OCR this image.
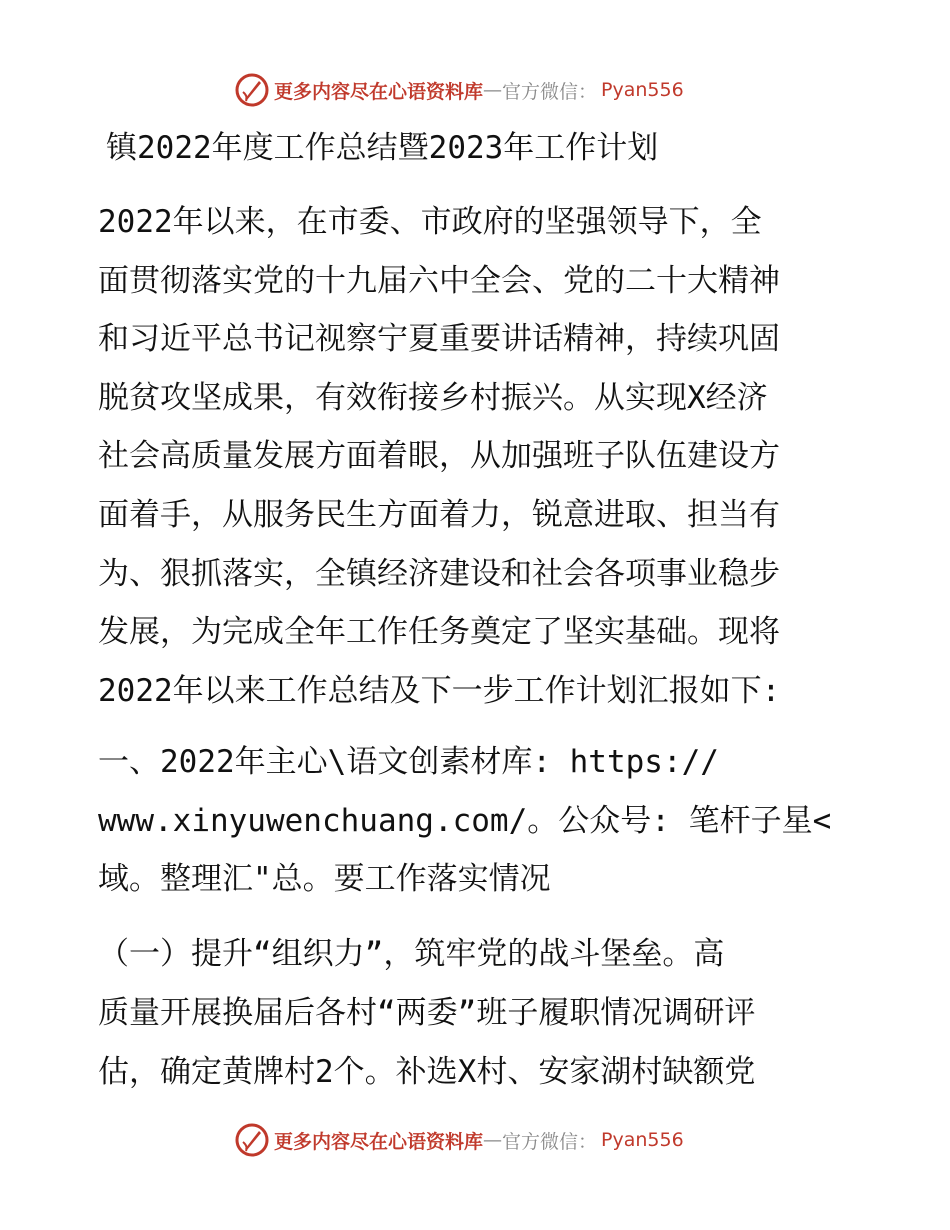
更多内容尽在心语资料库 — 官方微信： Pyan556
镇2022年度工作总结暨2023年工作计划
2022年以来，在市委、市政府的坚强领导下，全
面贯彻落实党的十九届六中全会、党的二十大精神
和习近平总书记视察宁夏重要讲话精神，持续巩固
脱贫攻坚成果，有效衔接乡村振兴。从实现X经济
社会高质量发展方面着眼，从加强班子队伍建设方
面着手，从服务民生方面着力，锐意进取、担当有
为、狠抓落实，全镇经济建设和社会各项事业稳步
发展，为完成全年工作任务奠定了坚实基础。现将
2022年以来工作总结及下一步工作计划汇报如下:
一、2022年主心\语文创素材库: https://
www.xinyuwenchuang.com/。公众号: 笔杆子星<
域。整理汇"总。要工作落实情况
（一）提升“组织力”，筑牢党的战斗堡垒。高
质量开展换届后各村“两委”班子履职情况调研评
估，确定黄牌村2个。补选X村、安家湖村缺额党
更多内容尽在心语资料库 — 官方微信： Pyan556
